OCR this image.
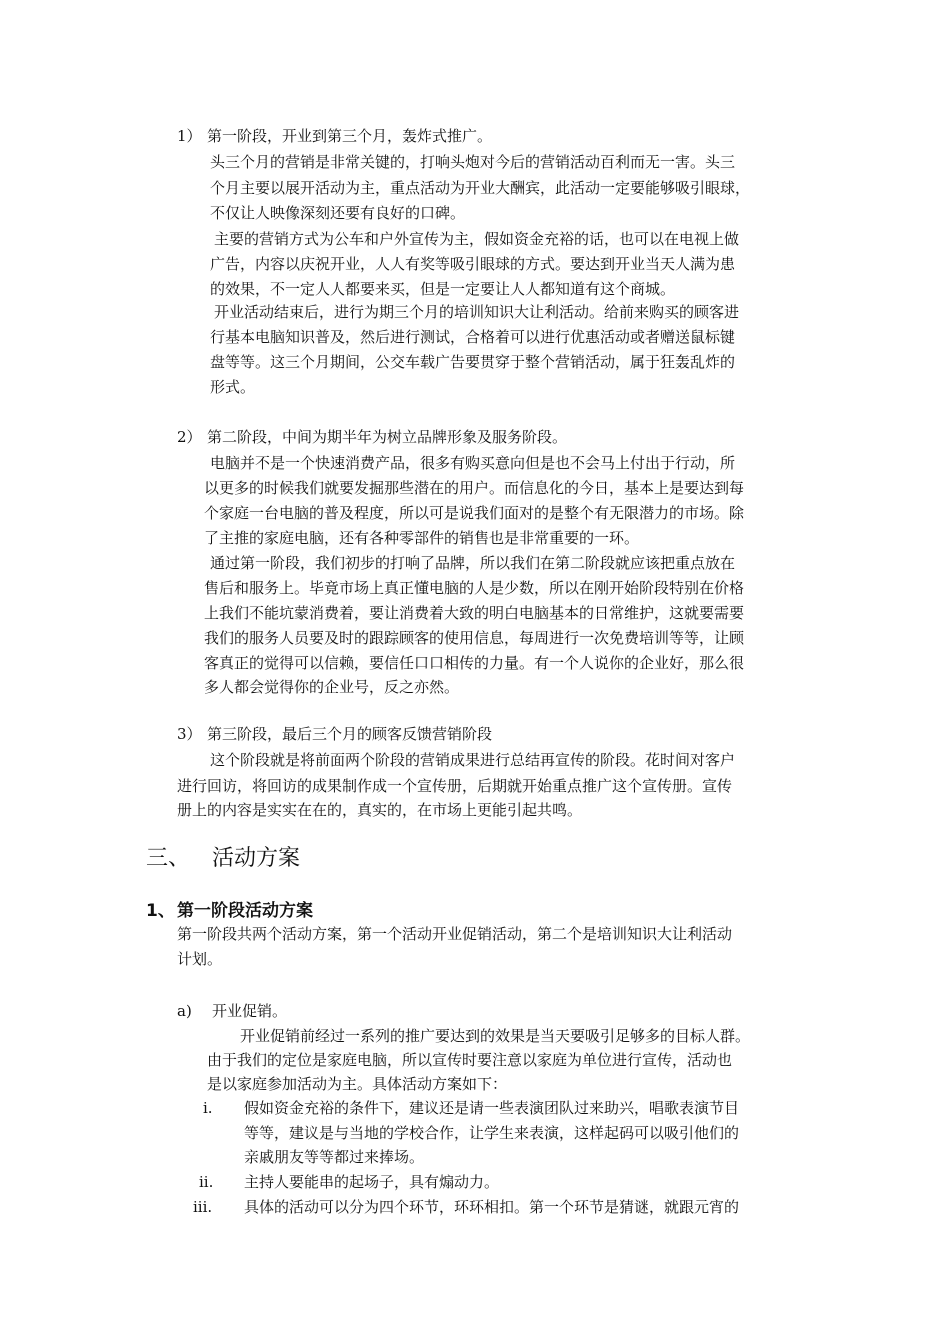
1） 第一阶段，开业到第三个月，轰炸式推广。

头三个月的营销是非常关键的，打响头炮对今后的营销活动百利而无一害。头三

个月主要以展开活动为主，重点活动为开业大酬宾，此活动一定要能够吸引眼球，

不仅让人映像深刻还要有良好的口碑。

主要的营销方式为公车和户外宣传为主，假如资金充裕的话，也可以在电视上做

广告，内容以庆祝开业，人人有奖等吸引眼球的方式。要达到开业当天人满为患

的效果，不一定人人都要来买，但是一定要让人人都知道有这个商城。

开业活动结束后，进行为期三个月的培训知识大让利活动。给前来购买的顾客进

行基本电脑知识普及，然后进行测试，合格着可以进行优惠活动或者赠送鼠标键

盘等等。这三个月期间，公交车载广告要贯穿于整个营销活动，属于狂轰乱炸的

形式。

2） 第二阶段，中间为期半年为树立品牌形象及服务阶段。

电脑并不是一个快速消费产品，很多有购买意向但是也不会马上付出于行动，所

以更多的时候我们就要发掘那些潜在的用户。而信息化的今日，基本上是要达到每

个家庭一台电脑的普及程度，所以可是说我们面对的是整个有无限潜力的市场。除

了主推的家庭电脑，还有各种零部件的销售也是非常重要的一环。

通过第一阶段，我们初步的打响了品牌，所以我们在第二阶段就应该把重点放在

售后和服务上。毕竟市场上真正懂电脑的人是少数，所以在刚开始阶段特别在价格

上我们不能坑蒙消费着，要让消费着大致的明白电脑基本的日常维护，这就要需要

我们的服务人员要及时的跟踪顾客的使用信息，每周进行一次免费培训等等，让顾

客真正的觉得可以信赖，要信任口口相传的力量。有一个人说你的企业好，那么很

多人都会觉得你的企业号，反之亦然。

3） 第三阶段，最后三个月的顾客反馈营销阶段

这个阶段就是将前面两个阶段的营销成果进行总结再宣传的阶段。花时间对客户

进行回访，将回访的成果制作成一个宣传册，后期就开始重点推广这个宣传册。宣传

册上的内容是实实在在的，真实的，在市场上更能引起共鸣。

三、 活动方案
1、 第一阶段活动方案

第一阶段共两个活动方案，第一个活动开业促销活动，第二个是培训知识大让利活动

计划。

a) 开业促销。

开业促销前经过一系列的推广要达到的效果是当天要吸引足够多的目标人群。

由于我们的定位是家庭电脑，所以宣传时要注意以家庭为单位进行宣传，活动也

是以家庭参加活动为主。具体活动方案如下：

i. 假如资金充裕的条件下，建议还是请一些表演团队过来助兴，唱歌表演节目

等等，建议是与当地的学校合作，让学生来表演，这样起码可以吸引他们的

亲戚朋友等等都过来捧场。

ii. 主持人要能串的起场子，具有煽动力。

iii. 具体的活动可以分为四个环节，环环相扣。第一个环节是猜谜，就跟元宵的
